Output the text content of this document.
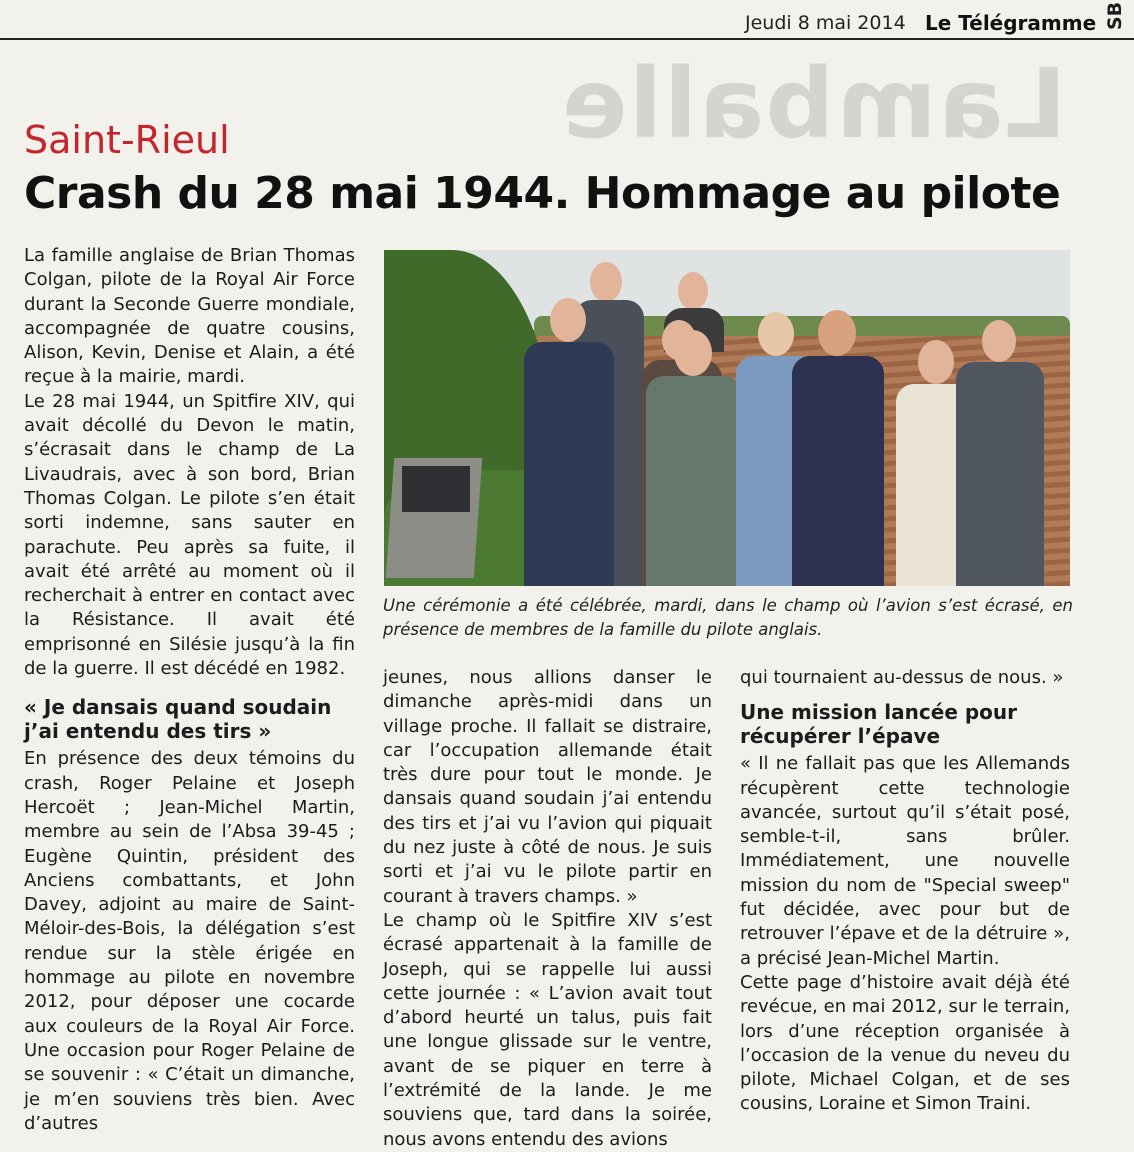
Lamballe
Jeudi 8 mai 2014 Le Télégramme SB
Saint-Rieul
Crash du 28 mai 1944. Hommage au pilote

La famille anglaise de Brian Thomas Colgan, pilote de la Royal Air Force durant la Seconde Guerre mondiale, accompagnée de quatre cousins, Alison, Kevin, Denise et Alain, a été reçue à la mairie, mardi.

Le 28 mai 1944, un Spitfire XIV, qui avait décollé du Devon le matin, s’écrasait dans le champ de La Livaudrais, avec à son bord, Brian Thomas Colgan. Le pilote s’en était sorti indemne, sans sauter en parachute. Peu après sa fuite, il avait été arrêté au moment où il recherchait à entrer en contact avec la Résistance. Il avait été emprisonné en Silésie jusqu’à la fin de la guerre. Il est décédé en 1982.

« Je dansais quand soudain j’ai entendu des tirs »

En présence des deux témoins du crash, Roger Pelaine et Joseph Hercoët ; Jean-Michel Martin, membre au sein de l’Absa 39-45 ; Eugène Quintin, président des Anciens combattants, et John Davey, adjoint au maire de Saint-Méloir-des-Bois, la délégation s’est rendue sur la stèle érigée en hommage au pilote en novembre 2012, pour déposer une cocarde aux couleurs de la Royal Air Force. Une occasion pour Roger Pelaine de se souvenir : « C’était un dimanche, je m’en souviens très bien. Avec d’autres

Une cérémonie a été célébrée, mardi, dans le champ où l’avion s’est écrasé, en présence de membres de la famille du pilote anglais.

jeunes, nous allions danser le dimanche après-midi dans un village proche. Il fallait se distraire, car l’occupation allemande était très dure pour tout le monde. Je dansais quand soudain j’ai entendu des tirs et j’ai vu l’avion qui piquait du nez juste à côté de nous. Je suis sorti et j’ai vu le pilote partir en courant à travers champs. »

Le champ où le Spitfire XIV s’est écrasé appartenait à la famille de Joseph, qui se rappelle lui aussi cette journée : « L’avion avait tout d’abord heurté un talus, puis fait une longue glissade sur le ventre, avant de se piquer en terre à l’extrémité de la lande. Je me souviens que, tard dans la soirée, nous avons entendu des avions

qui tournaient au-dessus de nous. »

Une mission lancée pour récupérer l’épave

« Il ne fallait pas que les Allemands récupèrent cette technologie avancée, surtout qu’il s’était posé, semble-t-il, sans brûler. Immédiatement, une nouvelle mission du nom de "Special sweep" fut décidée, avec pour but de retrouver l’épave et de la détruire », a précisé Jean-Michel Martin.

Cette page d’histoire avait déjà été revécue, en mai 2012, sur le terrain, lors d’une réception organisée à l’occasion de la venue du neveu du pilote, Michael Colgan, et de ses cousins, Loraine et Simon Traini.
